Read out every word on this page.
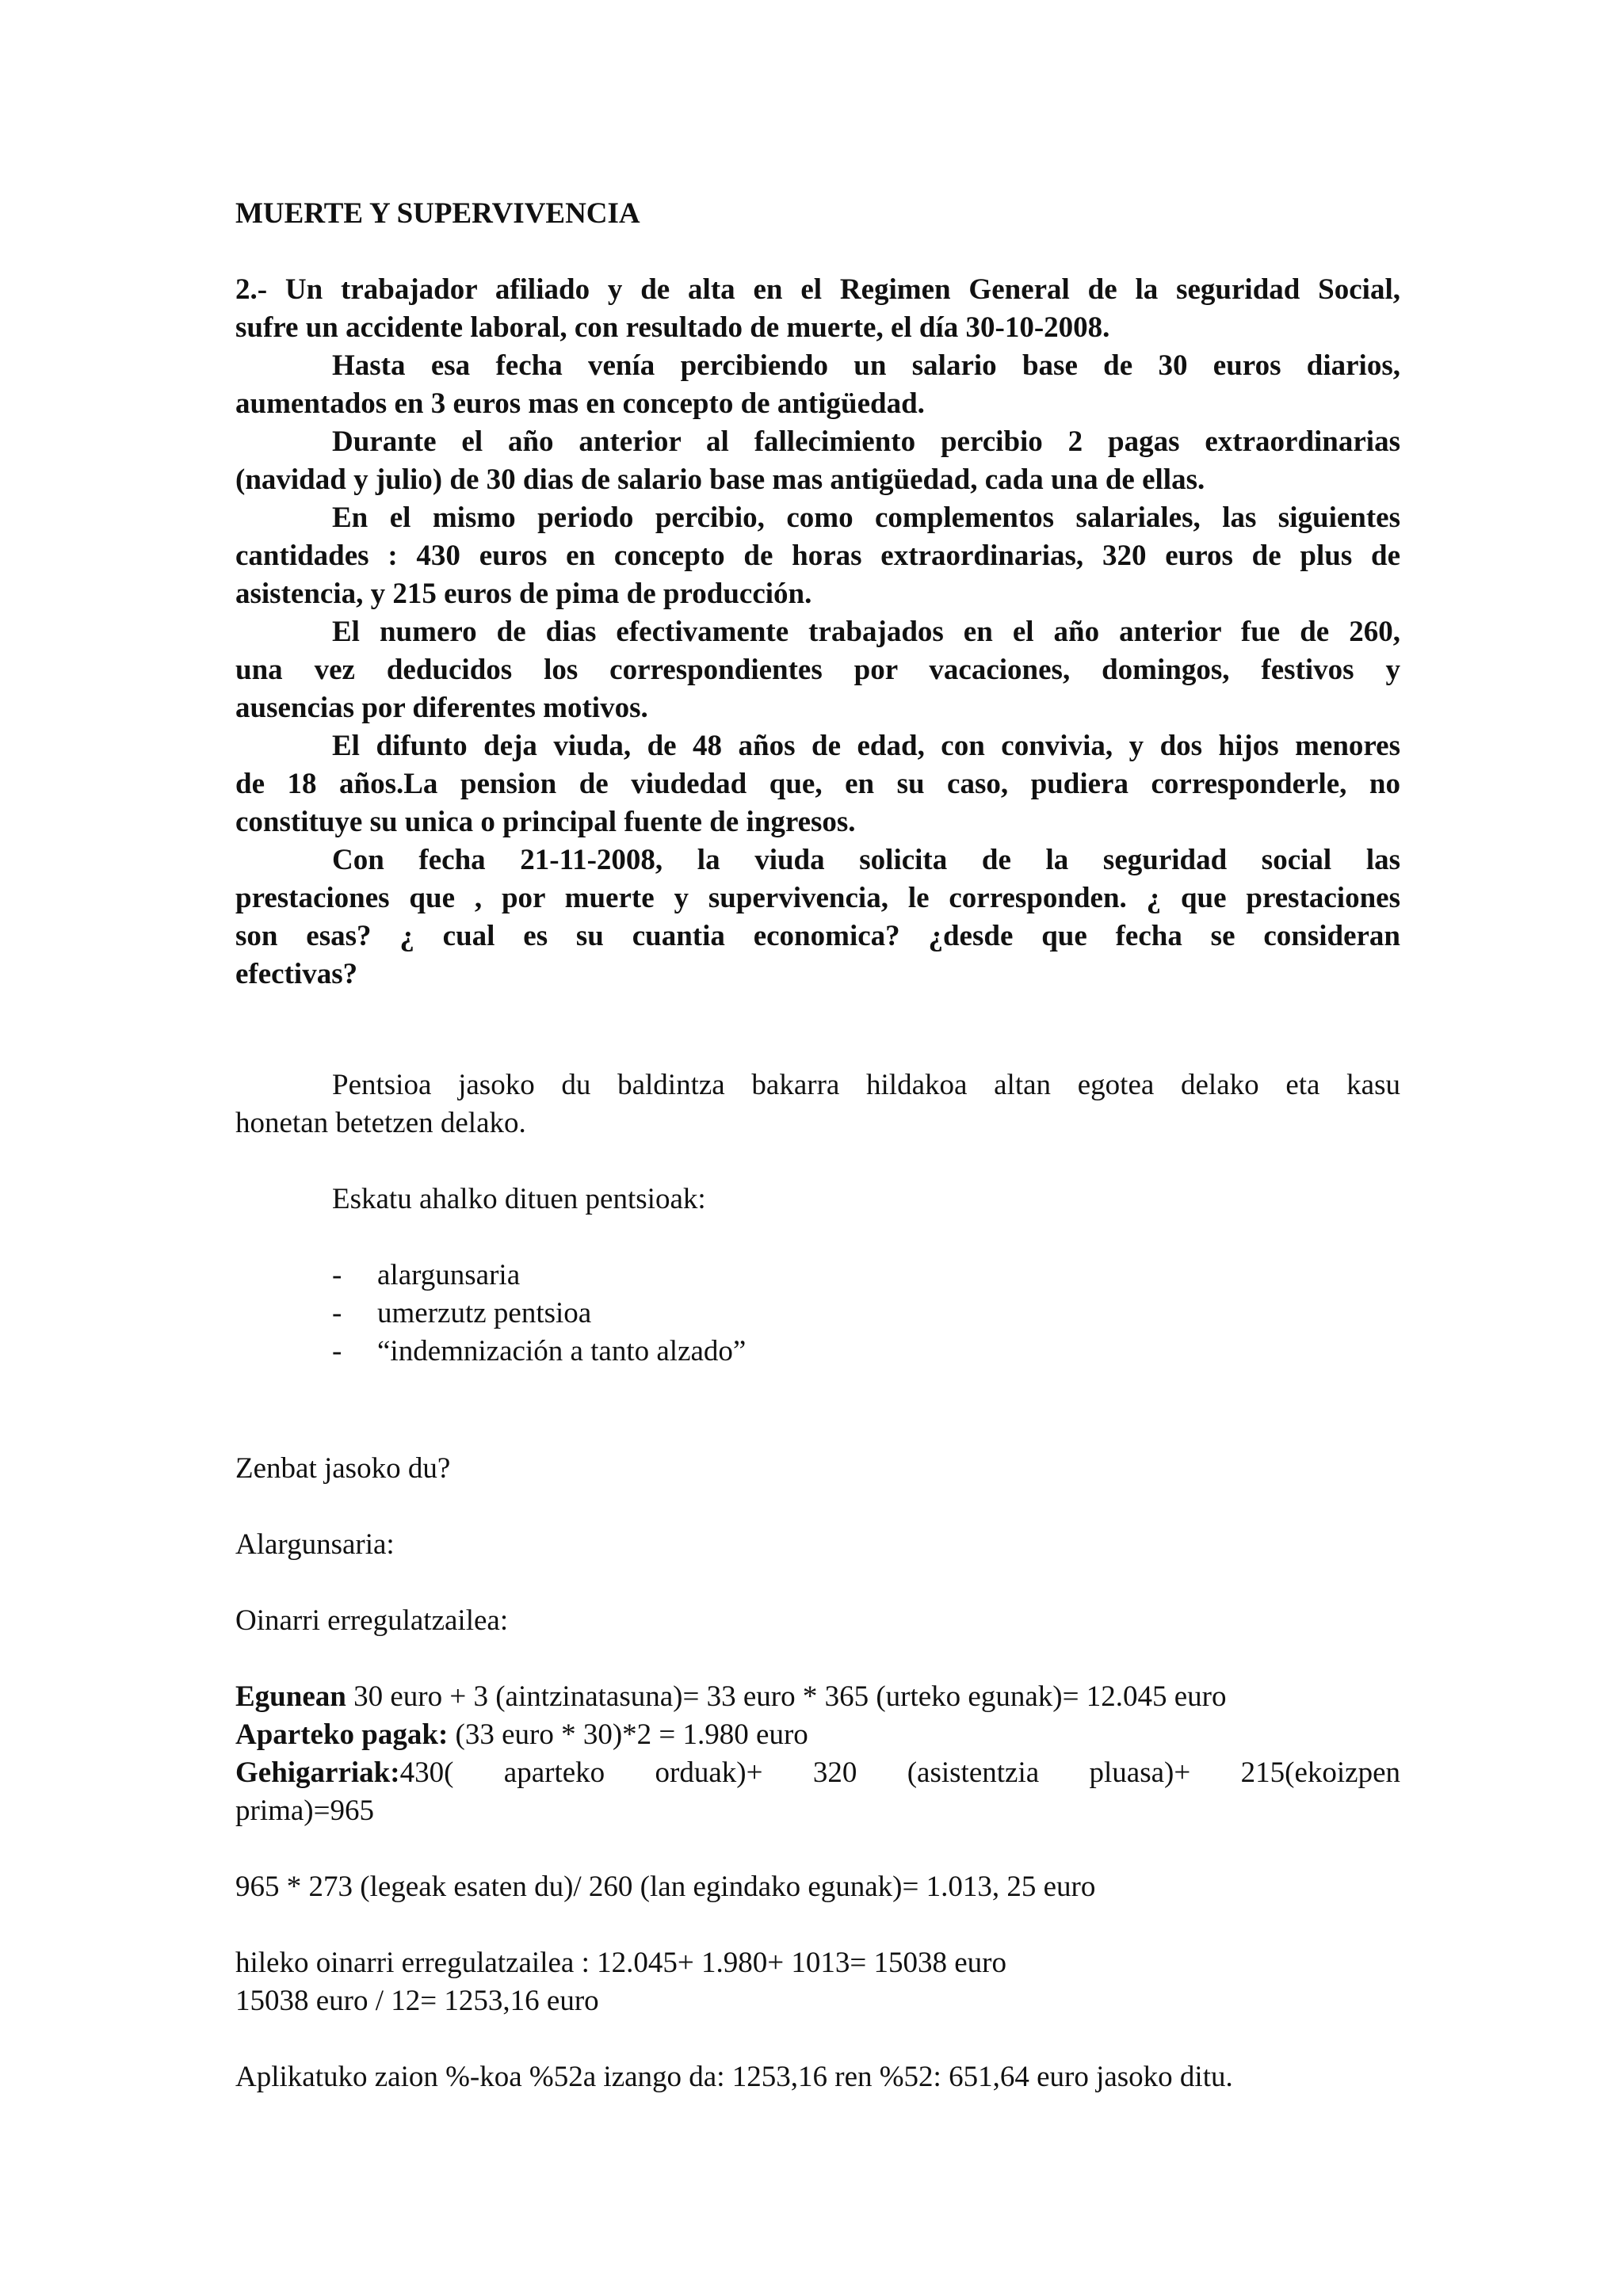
MUERTE Y SUPERVIVENCIA

2.- Un trabajador afiliado y de alta en el Regimen General de la seguridad Social,
sufre un accidente laboral, con resultado de muerte, el día 30-10-2008.
Hasta esa fecha venía percibiendo un salario base de 30 euros diarios,
aumentados en 3 euros mas en concepto de antigüedad.
Durante el año anterior al fallecimiento percibio 2 pagas extraordinarias
(navidad y julio) de 30 dias de salario base mas antigüedad, cada una de ellas.
En el mismo periodo percibio, como complementos salariales, las siguientes
cantidades : 430 euros en concepto de horas extraordinarias, 320 euros de plus de
asistencia, y 215 euros de pima de producción.
El numero de dias efectivamente trabajados en el año anterior fue de 260,
una vez deducidos los correspondientes por vacaciones, domingos, festivos y
ausencias por diferentes motivos.
El difunto deja viuda, de 48 años de edad, con convivia, y dos hijos menores
de 18 años.La pension de viudedad que, en su caso, pudiera corresponderle, no
constituye su unica o principal fuente de ingresos.
Con fecha 21-11-2008, la viuda solicita de la seguridad social las
prestaciones que , por muerte y supervivencia, le corresponden. ¿ que prestaciones
son esas? ¿ cual es su cuantia economica? ¿desde que fecha se consideran
efectivas?
Pentsioa jasoko du baldintza bakarra hildakoa altan egotea delako eta kasu
honetan betetzen delako.

Eskatu ahalko dituen pentsioak:

- alargunsaria
- umerzutz pentsioa
- “indemnización a tanto alzado”

Zenbat jasoko du?

Alargunsaria:

Oinarri erregulatzailea:

Egunean 30 euro + 3 (aintzinatasuna)= 33 euro * 365 (urteko egunak)= 12.045 euro
Aparteko pagak: (33 euro * 30)*2 = 1.980 euro
Gehigarriak: 430( aparteko orduak)+ 320 (asistentzia pluasa)+ 215(ekoizpen
prima)=965

965 * 273 (legeak esaten du)/ 260 (lan egindako egunak)= 1.013, 25 euro

hileko oinarri erregulatzailea : 12.045+ 1.980+ 1013= 15038 euro
15038 euro / 12= 1253,16 euro

Aplikatuko zaion %-koa %52a izango da: 1253,16 ren %52: 651,64 euro jasoko ditu.
